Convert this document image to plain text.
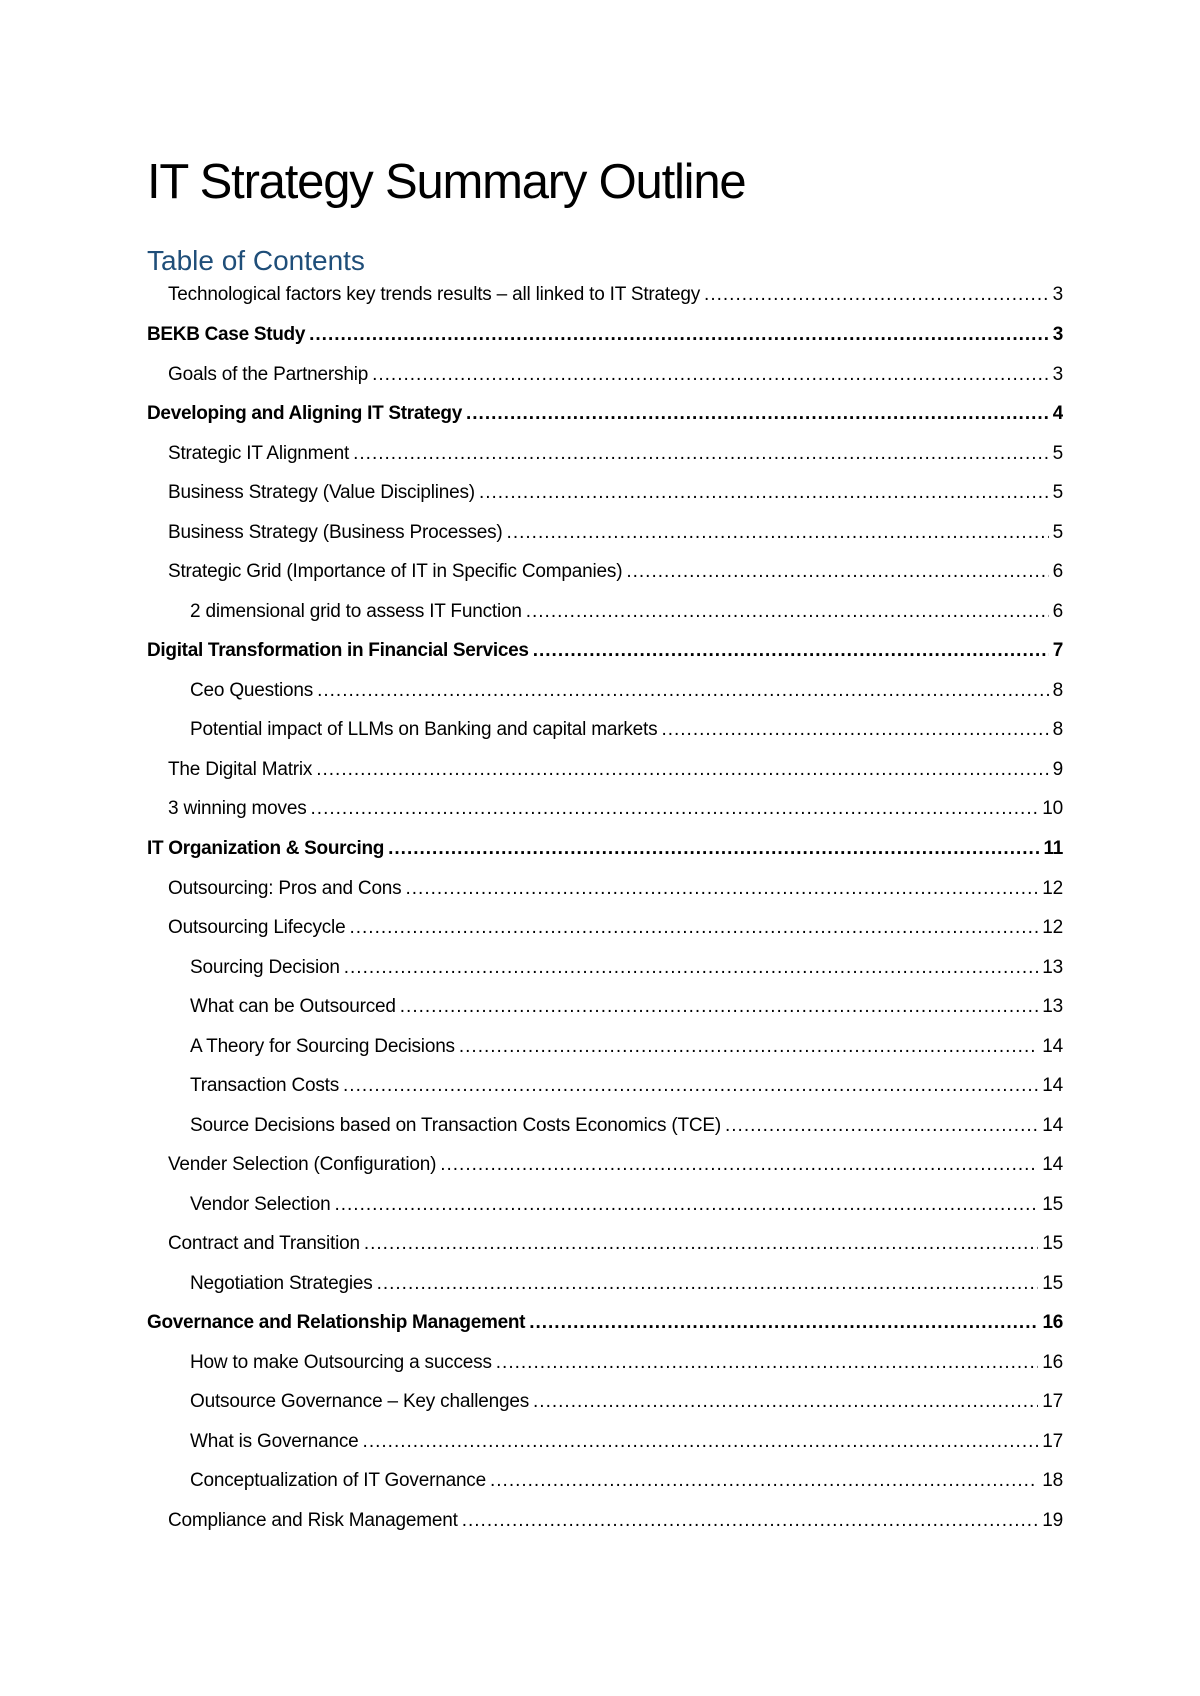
IT Strategy Summary Outline
Table of Contents
Technological factors key trends results – all linked to IT Strategy .....	3
BEKB Case Study .....	3
Goals of the Partnership .....	3
Developing and Aligning IT Strategy .....	4
Strategic IT Alignment .....	5
Business Strategy (Value Disciplines) .....	5
Business Strategy (Business Processes) .....	5
Strategic Grid (Importance of IT in Specific Companies) .....	6
2 dimensional grid to assess IT Function .....	6
Digital Transformation in Financial Services .....	7
Ceo Questions .....	8
Potential impact of LLMs on Banking and capital markets .....	8
The Digital Matrix .....	9
3 winning moves .....	10
IT Organization & Sourcing .....	11
Outsourcing: Pros and Cons .....	12
Outsourcing Lifecycle .....	12
Sourcing Decision .....	13
What can be Outsourced .....	13
A Theory for Sourcing Decisions .....	14
Transaction Costs .....	14
Source Decisions based on Transaction Costs Economics (TCE) .....	14
Vender Selection (Configuration) .....	14
Vendor Selection .....	15
Contract and Transition .....	15
Negotiation Strategies .....	15
Governance and Relationship Management .....	16
How to make Outsourcing a success .....	16
Outsource Governance – Key challenges .....	17
What is Governance .....	17
Conceptualization of IT Governance .....	18
Compliance and Risk Management .....	19
